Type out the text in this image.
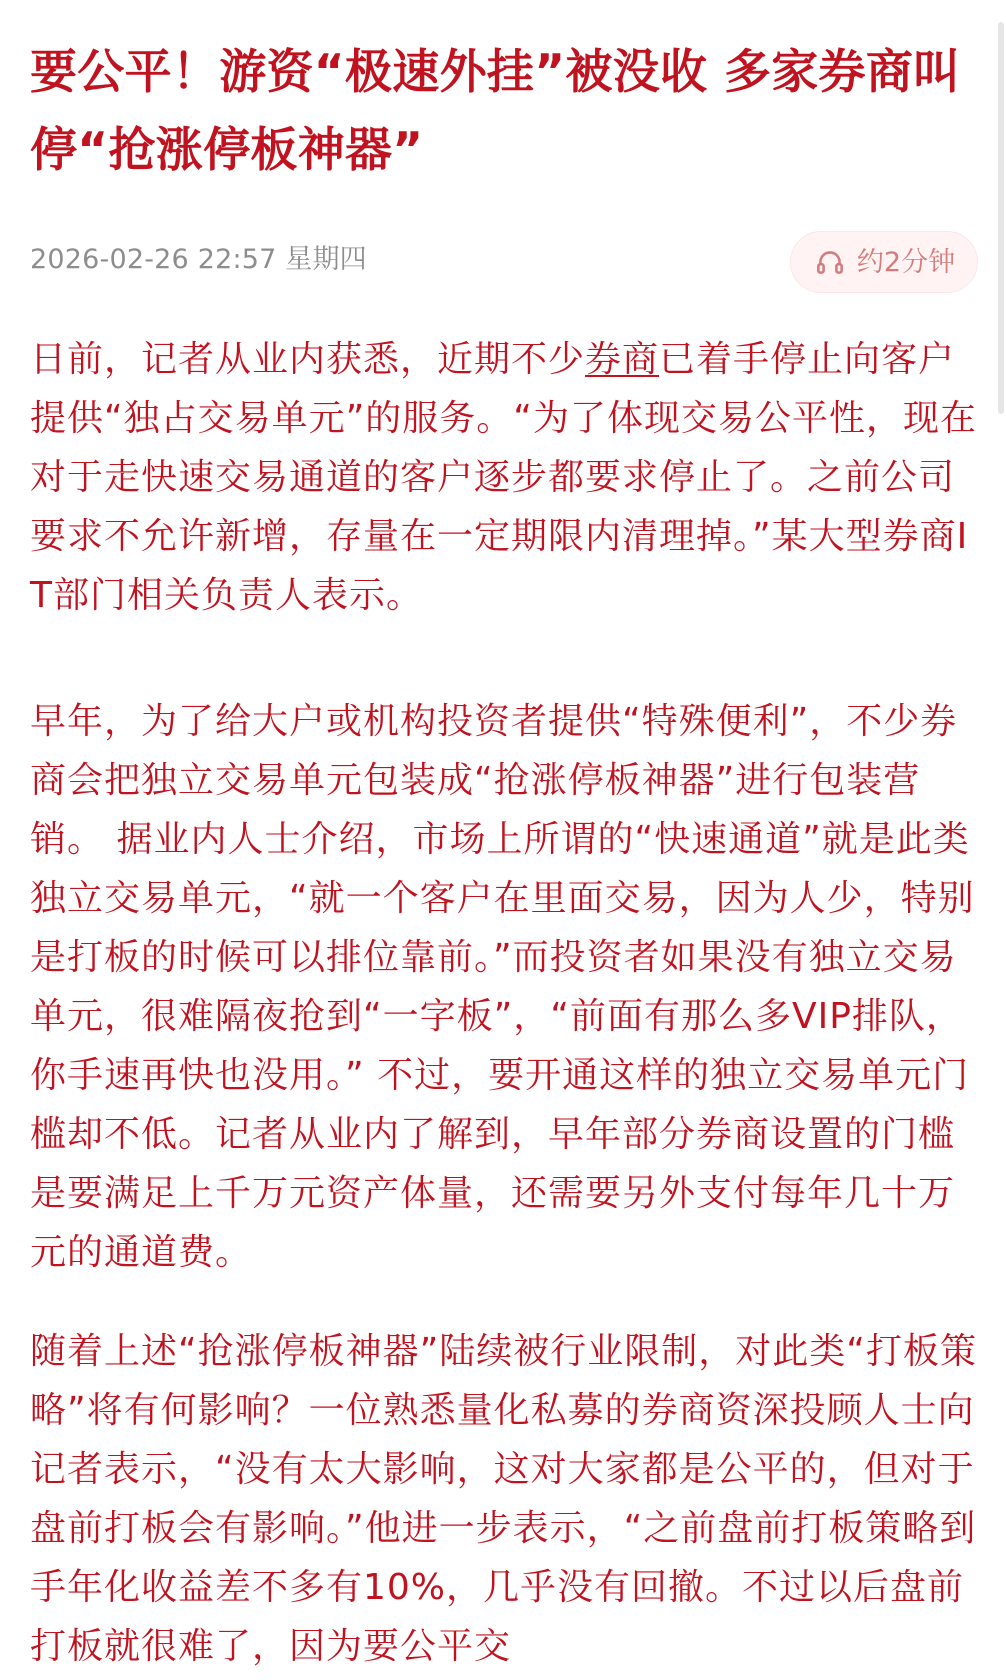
要公平！游资“极速外挂”被没收 多家券商叫停“抢涨停板神器”
2026-02-26 22:57 星期四	约2分钟

日前，记者从业内获悉，近期不少券商已着手停止向客户提供“独占交易单元”的服务。“为了体现交易公平性，现在对于走快速交易通道的客户逐步都要求停止了。之前公司要求不允许新增，存量在一定期限内清理掉。”某大型券商IT部门相关负责人表示。

早年，为了给大户或机构投资者提供“特殊便利”，不少券商会把独立交易单元包装成“抢涨停板神器”进行包装营销。 据业内人士介绍，市场上所谓的“快速通道”就是此类独立交易单元，“就一个客户在里面交易，因为人少，特别是打板的时候可以排位靠前。”而投资者如果没有独立交易单元，很难隔夜抢到“一字板”，“前面有那么多VIP排队，你手速再快也没用。” 不过，要开通这样的独立交易单元门槛却不低。记者从业内了解到，早年部分券商设置的门槛是要满足上千万元资产体量，还需要另外支付每年几十万元的通道费。

随着上述“抢涨停板神器”陆续被行业限制，对此类“打板策略”将有何影响？一位熟悉量化私募的券商资深投顾人士向记者表示，“没有太大影响，这对大家都是公平的，但对于盘前打板会有影响。”他进一步表示，“之前盘前打板策略到手年化收益差不多有10%，几乎没有回撤。不过以后盘前打板就很难了，因为要公平交
